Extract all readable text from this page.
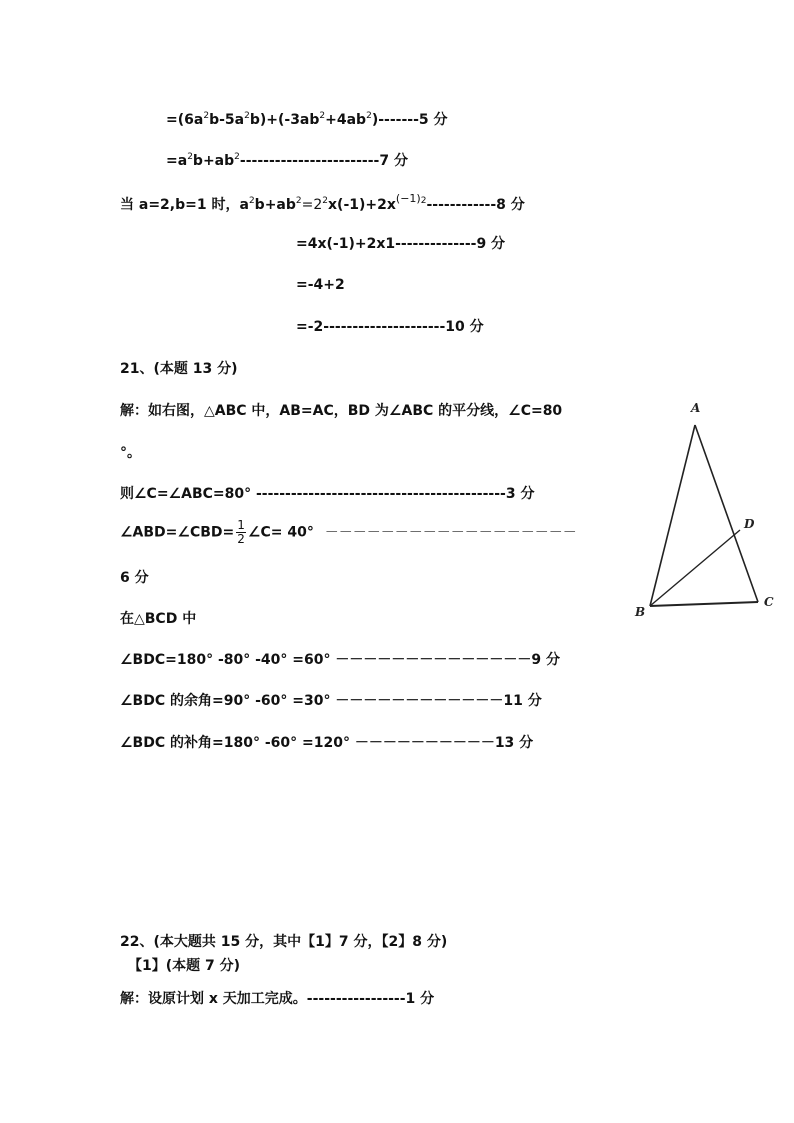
$=(6a^2b-5a^2b)+(-3ab^2+4ab^2)-------5$ 分
$=a^2b+ab^2------------------------7$ 分
当 a=2,b=1 时，$a^2b+ab^2=2^2x(-1)+2x^{(-1)2}------------8$ 分
=4x(-1)+2x1--------------9 分
=-4+2
=-2---------------------10 分
21、(本题 13 分)
解：如右图，△ABC 中，AB=AC，BD 为∠ABC 的平分线，∠C=80
°。
则∠C=∠ABC=80° -------------------------------------------3 分
∠ABD=∠CBD= $\frac{1}{2}$ ∠C= 40° －－－－－－－－－－－－－－－－－－
6 分
在△BCD 中
∠BDC=180° -80° -40° =60° －－－－－－－－－－－－－－9 分
∠BDC 的余角=90° -60° =30° －－－－－－－－－－－－11 分
∠BDC 的补角=180° -60° =120° －－－－－－－－－－13 分
A
B
C
D
22、(本大题共 15 分，其中【1】7 分，【2】8 分)
【1】(本题 7 分)
解：设原计划 x 天加工完成。-----------------1 分
